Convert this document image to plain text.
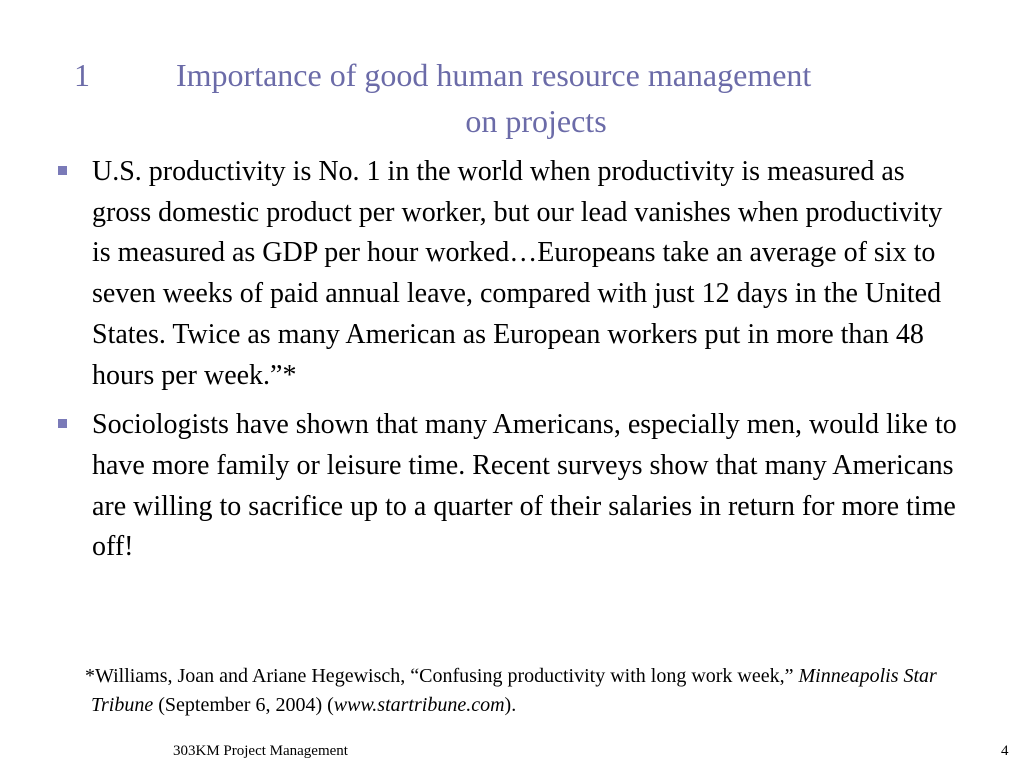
1	Importance of good human resource management
on projects
U.S. productivity is No. 1 in the world when productivity is measured as gross domestic product per worker, but our lead vanishes when productivity is measured as GDP per hour worked…Europeans take an average of six to seven weeks of paid annual leave, compared with just 12 days in the United States. Twice as many American as European workers put in more than 48 hours per week.”*
Sociologists have shown that many Americans, especially men, would like to have more family or leisure time. Recent surveys show that many Americans are willing to sacrifice up to a quarter of their salaries in return for more time off!
*Williams, Joan and Ariane Hegewisch, “Confusing productivity with long work week,” Minneapolis Star Tribune (September 6, 2004) (www.startribune.com).
303KM Project Management	4
